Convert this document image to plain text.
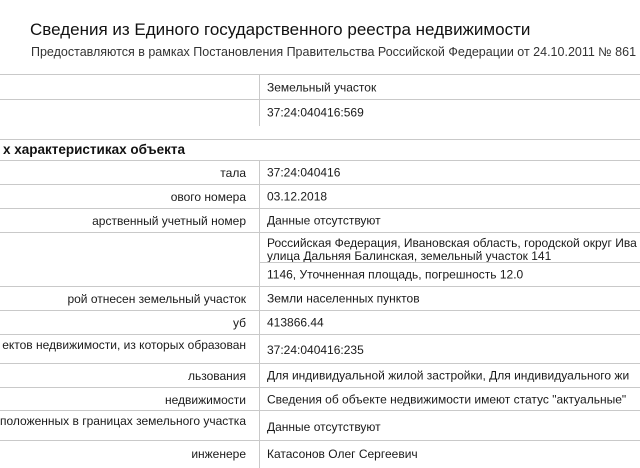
Сведения из Единого государственного реестра недвижимости
Предоставляются в рамках Постановления Правительства Российской Федерации от 24.10.2011 № 861
Земельный участок
37:24:040416:569
х характеристиках объекта
тала 37:24:040416
ового номера 03.12.2018
арственный учетный номер Данные отсутствуют
Российская Федерация, Ивановская область, городской округ Ива
улица Дальняя Балинская, земельный участок 141
1146, Уточненная площадь, погрешность 12.0
рой отнесен земельный участок Земли населенных пунктов
уб 413866.44
ектов недвижимости, из которых образован 37:24:040416:235
льзования Для индивидуальной жилой застройки, Для индивидуального жи
недвижимости Сведения об объекте недвижимости имеют статус "актуальные"
положенных в границах земельного участка Данные отсутствуют
инженере Катасонов Олег Сергеевич
